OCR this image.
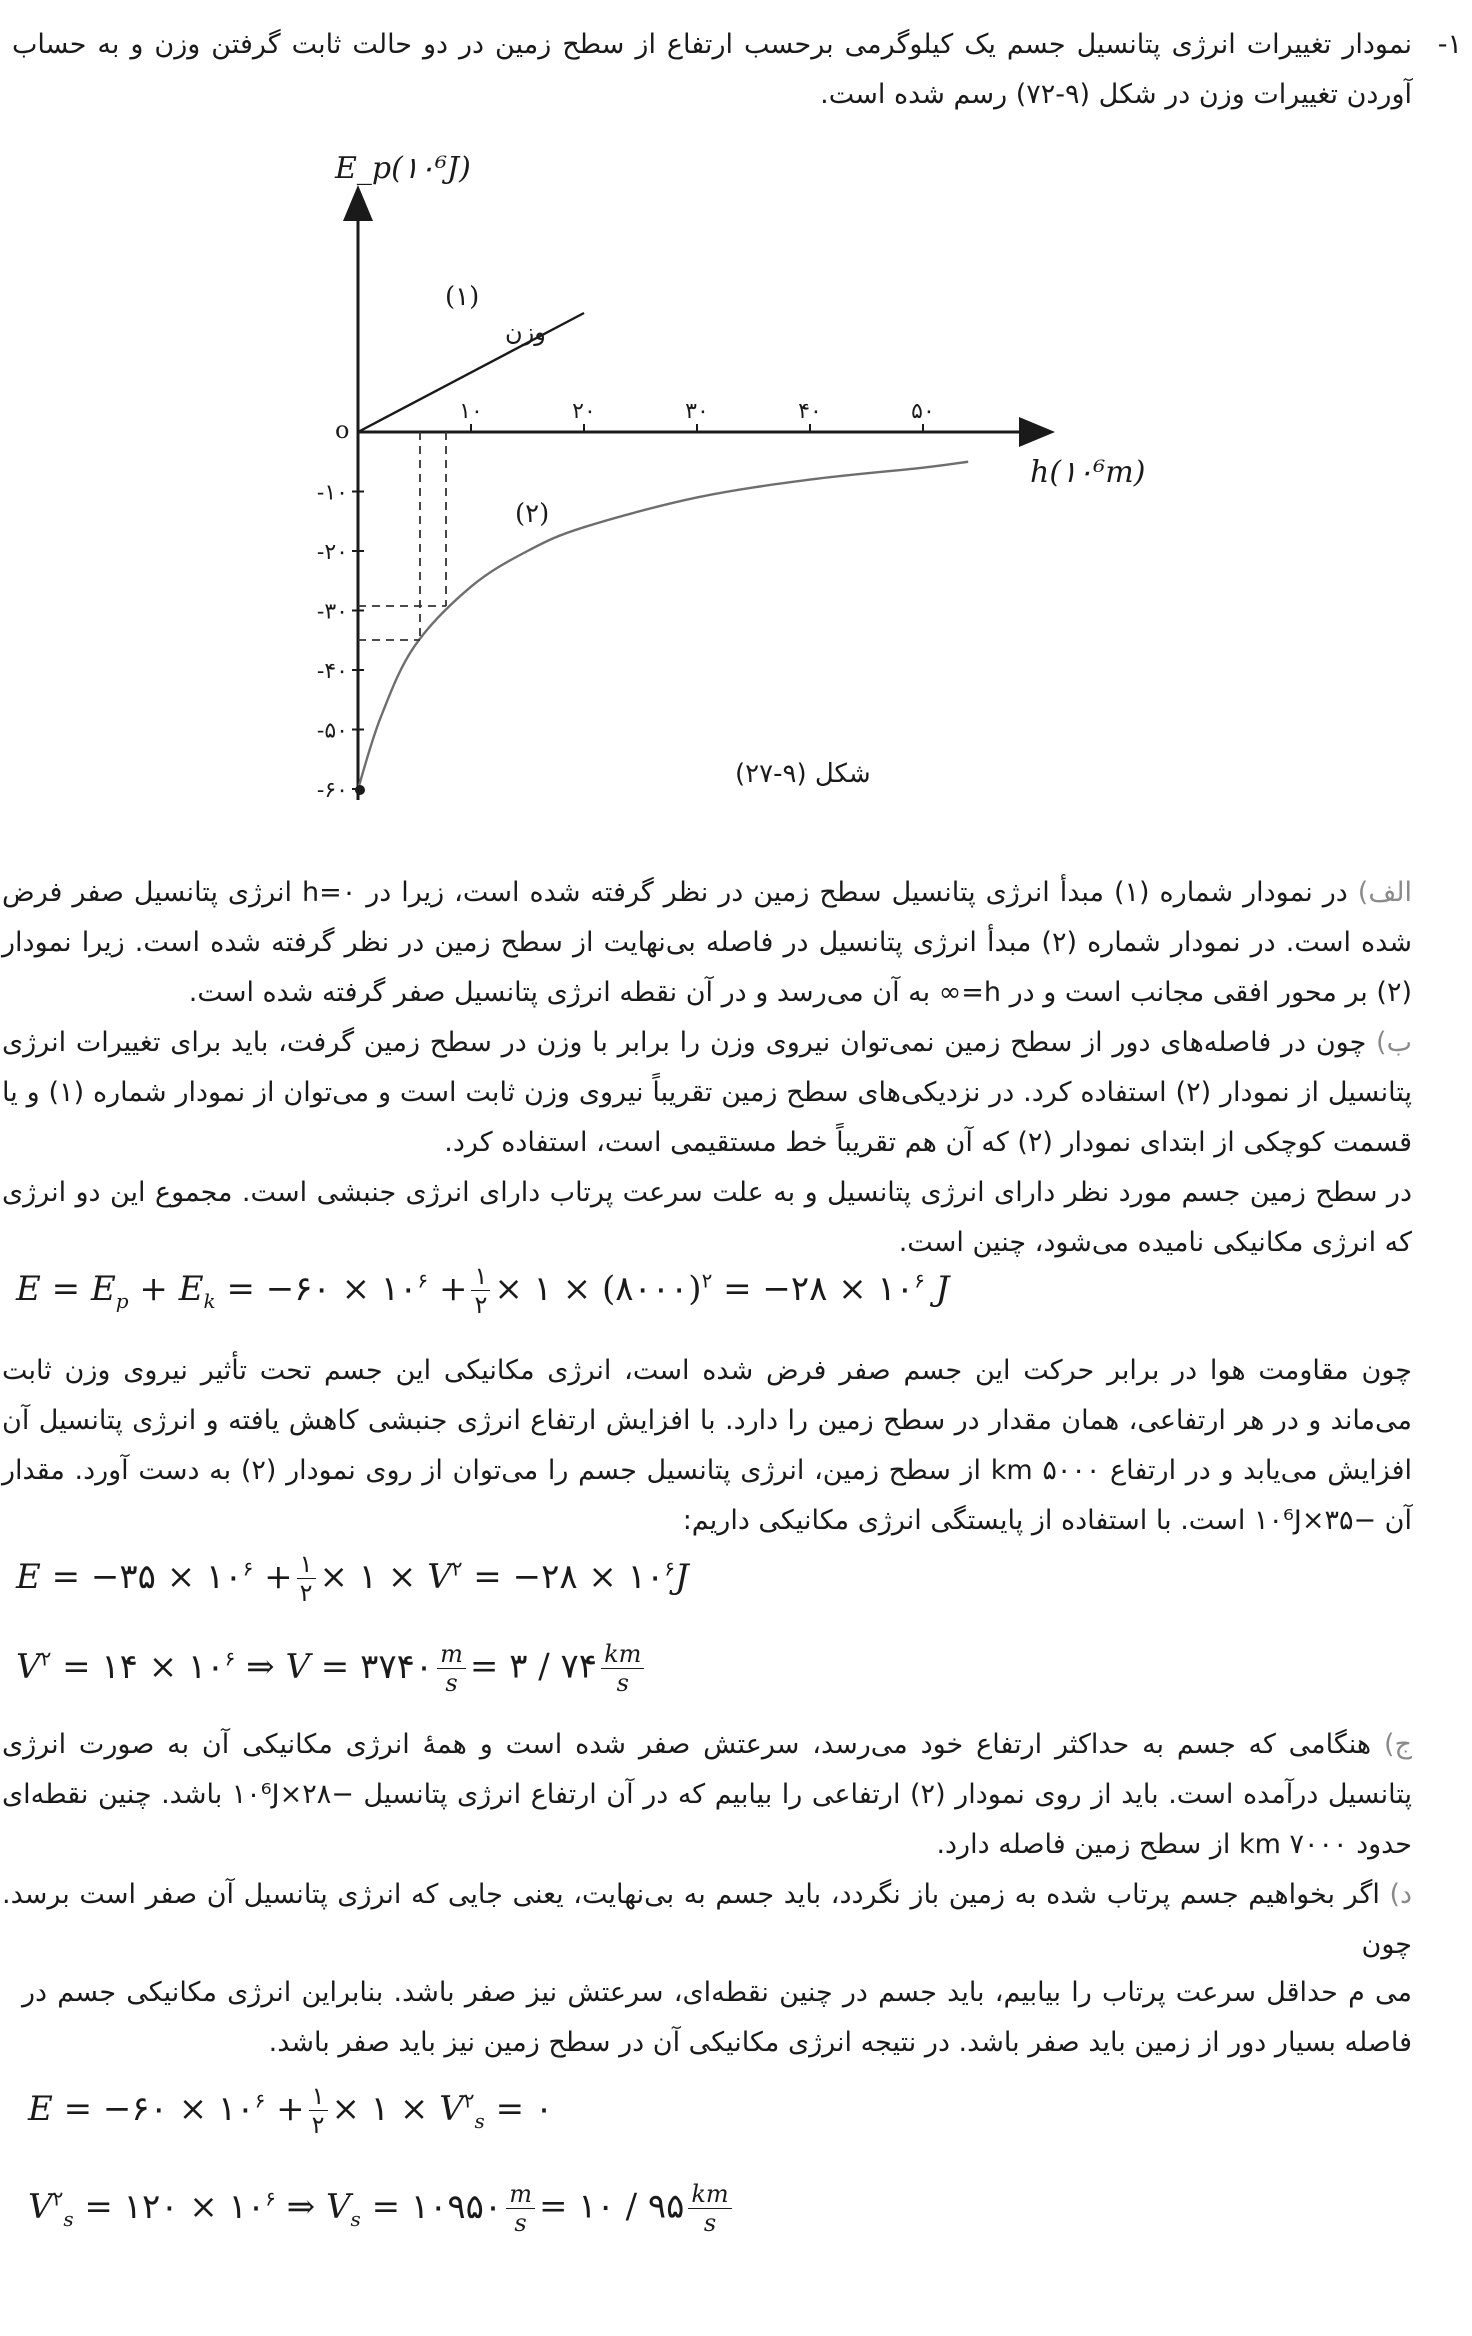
۱-
نمودار تغییرات انرژی پتانسیل جسم یک کیلوگرمی برحسب ارتفاع از سطح زمین در دو حالت ثابت گرفتن وزن و به حساب آوردن تغییرات وزن در شکل (۹-۷۲) رسم شده است.
۱۰	۲۰	۳۰	۴۰	۵۰
-۱۰
-۲۰
-۳۰
-۴۰
-۵۰
-۶۰
E_p(۱۰⁶J)
h(۱۰⁶m)
o
(۱)
وزن
(۲)
شکل (۹-۲۷)
الف) در نمودار شماره (۱) مبدأ انرژی پتانسیل سطح زمین در نظر گرفته شده است، زیرا در h=۰ انرژی پتانسیل صفر فرض شده است. در نمودار شماره (۲) مبدأ انرژی پتانسیل در فاصله بی‌نهایت از سطح زمین در نظر گرفته شده است. زیرا نمودار (۲) بر محور افقی مجانب است و در h=∞ به آن می‌رسد و در آن نقطه انرژی پتانسیل صفر گرفته شده است.
ب) چون در فاصله‌های دور از سطح زمین نمی‌توان نیروی وزن را برابر با وزن در سطح زمین گرفت، باید برای تغییرات انرژی پتانسیل از نمودار (۲) استفاده کرد. در نزدیکی‌های سطح زمین تقریباً نیروی وزن ثابت است و می‌توان از نمودار شماره (۱) و یا قسمت کوچکی از ابتدای نمودار (۲) که آن هم تقریباً خط مستقیمی است، استفاده کرد.
در سطح زمین جسم مورد نظر دارای انرژی پتانسیل و به علت سرعت پرتاب دارای انرژی جنبشی است. مجموع این دو انرژی که انرژی مکانیکی نامیده می‌شود، چنین است.
$E = E_p + E_k$ = −۶۰ × $۱۰^۶ + \frac{۱}{۲}$ × ۱ × (۸۰۰۰)$^۲$ = −۲۸ × $۱۰^۶$ J
چون مقاومت هوا در برابر حرکت این جسم صفر فرض شده است، انرژی مکانیکی این جسم تحت تأثیر نیروی وزن ثابت می‌ماند و در هر ارتفاعی، همان مقدار در سطح زمین را دارد. با افزایش ارتفاع انرژی جنبشی کاهش یافته و انرژی پتانسیل آن افزایش می‌یابد و در ارتفاع ۵۰۰۰ km از سطح زمین، انرژی پتانسیل جسم را می‌توان از روی نمودار (۲) به دست آورد. مقدار آن −۳۵×۱۰⁶J است. با استفاده از پایستگی انرژی مکانیکی داریم:
E = −۳۵ × $۱۰^۶ + \frac{۱}{۲}$ × ۱ × $V^۲$ = −۲۸ × $۱۰^۶J$
$V^۲$ = ۱۴ × $۱۰^۶$ ⇒ V = ۳۷۴۰ $\frac{m}{s}$ = ۳ / ۷۴ $\frac{km}{s}$
ج) هنگامی که جسم به حداکثر ارتفاع خود می‌رسد، سرعتش صفر شده است و همهٔ انرژی مکانیکی آن به صورت انرژی پتانسیل درآمده است. باید از روی نمودار (۲) ارتفاعی را بیابیم که در آن ارتفاع انرژی پتانسیل −۲۸×۱۰⁶J باشد. چنین نقطه‌ای حدود ۷۰۰۰ km از سطح زمین فاصله دارد.
د) اگر بخواهیم جسم پرتاب شده به زمین باز نگردد، باید جسم به بی‌نهایت، یعنی جایی که انرژی پتانسیل آن صفر است برسد. چون
می م حداقل سرعت پرتاب را بیابیم، باید جسم در چنین نقطه‌ای، سرعتش نیز صفر باشد. بنابراین انرژی مکانیکی جسم در فاصله بسیار دور از زمین باید صفر باشد. در نتیجه انرژی مکانیکی آن در سطح زمین نیز باید صفر باشد.
E = −۶۰ × $۱۰^۶ + \frac{۱}{۲}$ × ۱ × $V^۲_s$ = ۰
$V^۲_s$ = ۱۲۰ × $۱۰^۶$ ⇒ $V_s$ = ۱۰۹۵۰ $\frac{m}{s}$ = ۱۰ / ۹۵ $\frac{km}{s}$
